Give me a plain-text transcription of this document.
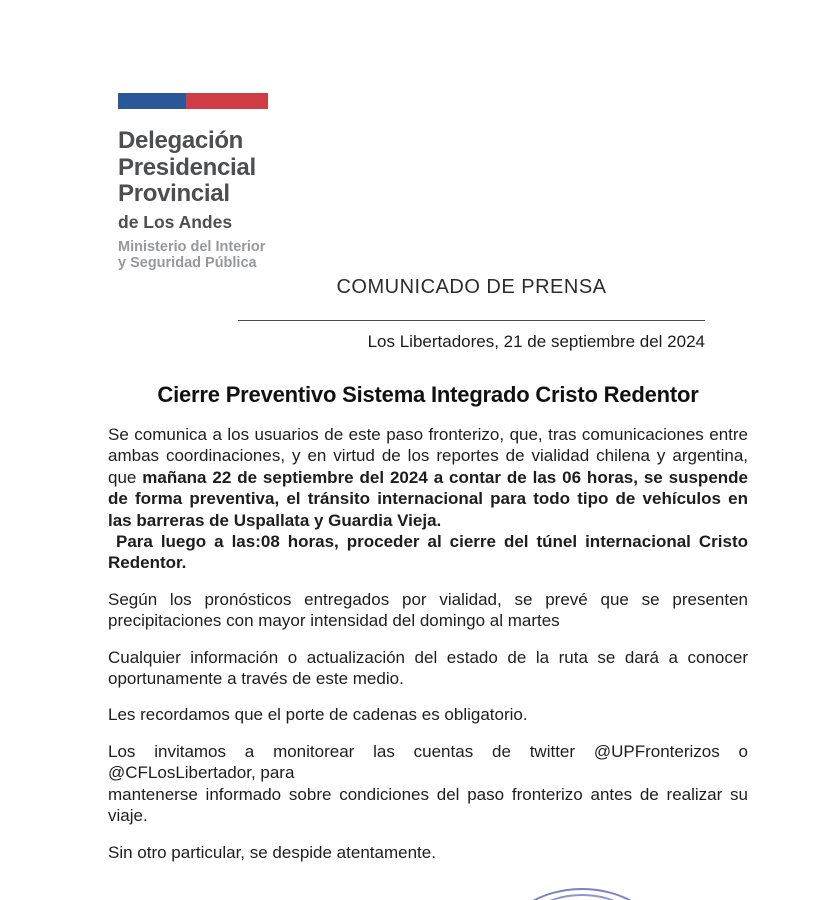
Delegación
Presidencial
Provincial
de Los Andes
Ministerio del Interior
y Seguridad Pública
COMUNICADO DE PRENSA
Los Libertadores, 21 de septiembre del 2024
Cierre Preventivo Sistema Integrado Cristo Redentor

Se comunica a los usuarios de este paso fronterizo, que, tras comunicaciones entre ambas coordinaciones, y en virtud de los reportes de vialidad chilena y argentina, que mañana 22 de septiembre del 2024 a contar de las 06 horas, se suspende de forma preventiva, el tránsito internacional para todo tipo de vehículos en las barreras de Uspallata y Guardia Vieja.
Para luego a las:08 horas, proceder al cierre del túnel internacional Cristo Redentor.

Según los pronósticos entregados por vialidad, se prevé que se presenten precipitaciones con mayor intensidad del domingo al martes

Cualquier información o actualización del estado de la ruta se dará a conocer oportunamente a través de este medio.

Les recordamos que el porte de cadenas es obligatorio.

Los invitamos a monitorear las cuentas de twitter @UPFronterizos o @CFLosLibertador, para
mantenerse informado sobre condiciones del paso fronterizo antes de realizar su viaje.

Sin otro particular, se despide atentamente.
